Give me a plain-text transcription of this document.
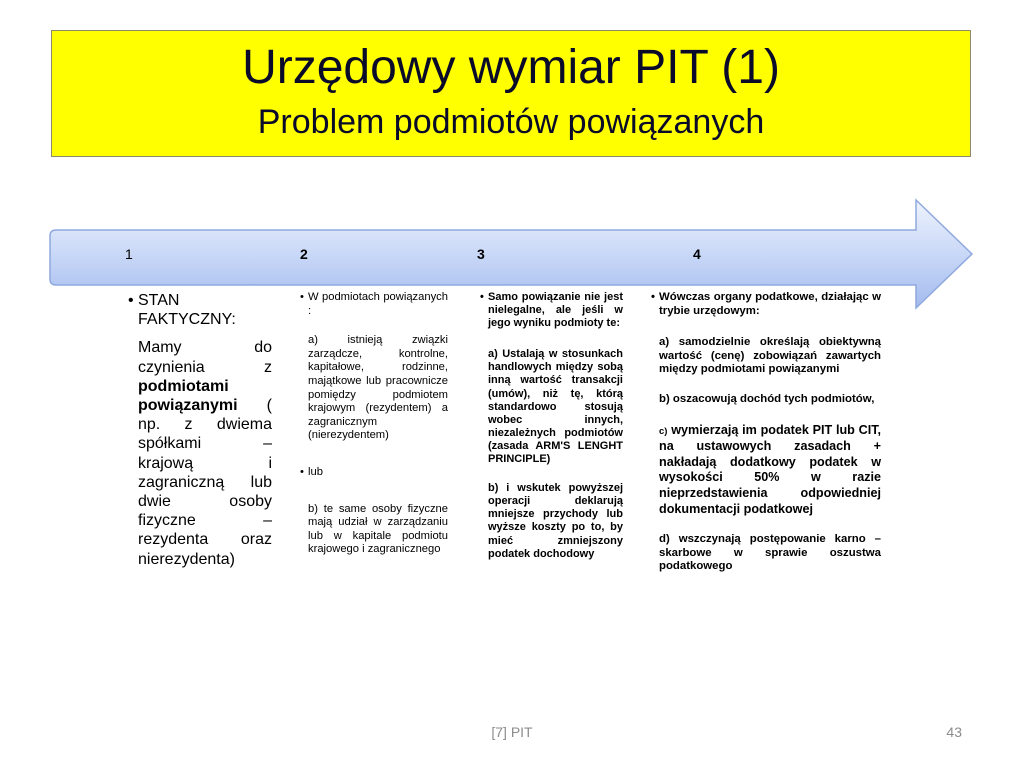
Urzędowy wymiar PIT (1)
Problem podmiotów powiązanych
1	2	3	4
• STAN
FAKTYCZNY:

Mamy do czynienia z podmiotami powiązanymi ( np. z dwiema spółkami – krajową i zagraniczną lub dwie osoby fizyczne – rezydenta oraz nierezydenta)

• W podmiotach powiązanych :

a) istnieją związki zarządcze, kontrolne, kapitałowe, rodzinne, majątkowe lub pracownicze pomiędzy podmiotem krajowym (rezydentem) a zagranicznym (nierezydentem)

• lub

b) te same osoby fizyczne mają udział w zarządzaniu lub w kapitale podmiotu krajowego i zagranicznego

• Samo powiązanie nie jest nielegalne, ale jeśli w jego wyniku podmioty te:

a) Ustalają w stosunkach handlowych między sobą inną wartość transakcji (umów), niż tę, którą standardowo stosują wobec innych, niezależnych podmiotów (zasada ARM'S LENGHT PRINCIPLE)

b) i wskutek powyższej operacji deklarują mniejsze przychody lub wyższe koszty po to, by mieć zmniejszony podatek dochodowy

• Wówczas organy podatkowe, działając w trybie urzędowym:

a) samodzielnie określają obiektywną wartość (cenę) zobowiązań zawartych między podmiotami powiązanymi

b) oszacowują dochód tych podmiotów,

c) wymierzają im podatek PIT lub CIT, na ustawowych zasadach + nakładają dodatkowy podatek w wysokości 50% w razie nieprzedstawienia odpowiedniej dokumentacji podatkowej

d) wszczynają postępowanie karno – skarbowe w sprawie oszustwa podatkowego

[7] PIT	43
